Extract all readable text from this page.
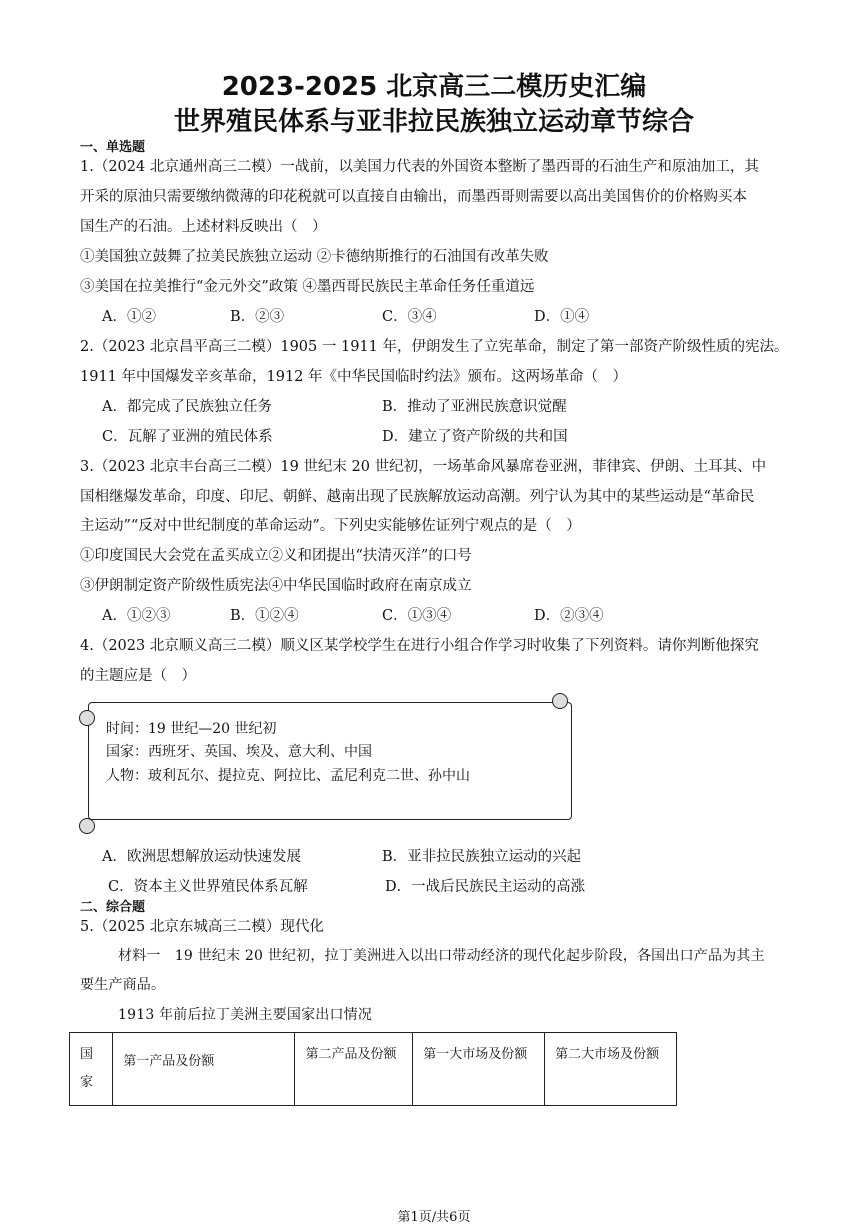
2023-2025 北京高三二模历史汇编
世界殖民体系与亚非拉民族独立运动章节综合
一、单选题
1.（2024 北京通州高三二模）一战前，以美国力代表的外国资本整断了墨西哥的石油生产和原油加工，其
开采的原油只需要缴纳微薄的印花税就可以直接自由输出，而墨西哥则需要以高出美国售价的价格购买本
国生产的石油。上述材料反映出（　）
①美国独立鼓舞了拉美民族独立运动 ②卡德纳斯推行的石油国有改革失败
③美国在拉美推行“金元外交”政策 ④墨西哥民族民主革命任务任重道远
A．①②	B．②③	C．③④	D．①④
2.（2023 北京昌平高三二模）1905 一 1911 年，伊朗发生了立宪革命，制定了第一部资产阶级性质的宪法。
1911 年中国爆发辛亥革命，1912 年《中华民国临时约法》颁布。这两场革命（　）
A．都完成了民族独立任务	B．推动了亚洲民族意识觉醒
C．瓦解了亚洲的殖民体系	D．建立了资产阶级的共和国
3.（2023 北京丰台高三二模）19 世纪末 20 世纪初，一场革命风暴席卷亚洲，菲律宾、伊朗、土耳其、中
国相继爆发革命，印度、印尼、朝鲜、越南出现了民族解放运动高潮。列宁认为其中的某些运动是“革命民
主运动”“反对中世纪制度的革命运动”。下列史实能够佐证列宁观点的是（　）
①印度国民大会党在孟买成立②义和团提出“扶清灭洋”的口号
③伊朗制定资产阶级性质宪法④中华民国临时政府在南京成立
A．①②③	B．①②④	C．①③④	D．②③④
4.（2023 北京顺义高三二模）顺义区某学校学生在进行小组合作学习时收集了下列资料。请你判断他探究
的主题应是（　）
时间：19 世纪—20 世纪初
国家：西班牙、英国、埃及、意大利、中国
人物：玻利瓦尔、提拉克、阿拉比、孟尼利克二世、孙中山
A．欧洲思想解放运动快速发展	B．亚非拉民族独立运动的兴起
C．资本主义世界殖民体系瓦解	D．一战后民族民主运动的高涨
二、综合题
5.（2025 北京东城高三二模）现代化
材料一　19 世纪末 20 世纪初，拉丁美洲进入以出口带动经济的现代化起步阶段，各国出口产品为其主
要生产商品。
1913 年前后拉丁美洲主要国家出口情况
国家	第一产品及份额	第二产品及份额	第一大市场及份额	第二大市场及份额
第1页/共6页
